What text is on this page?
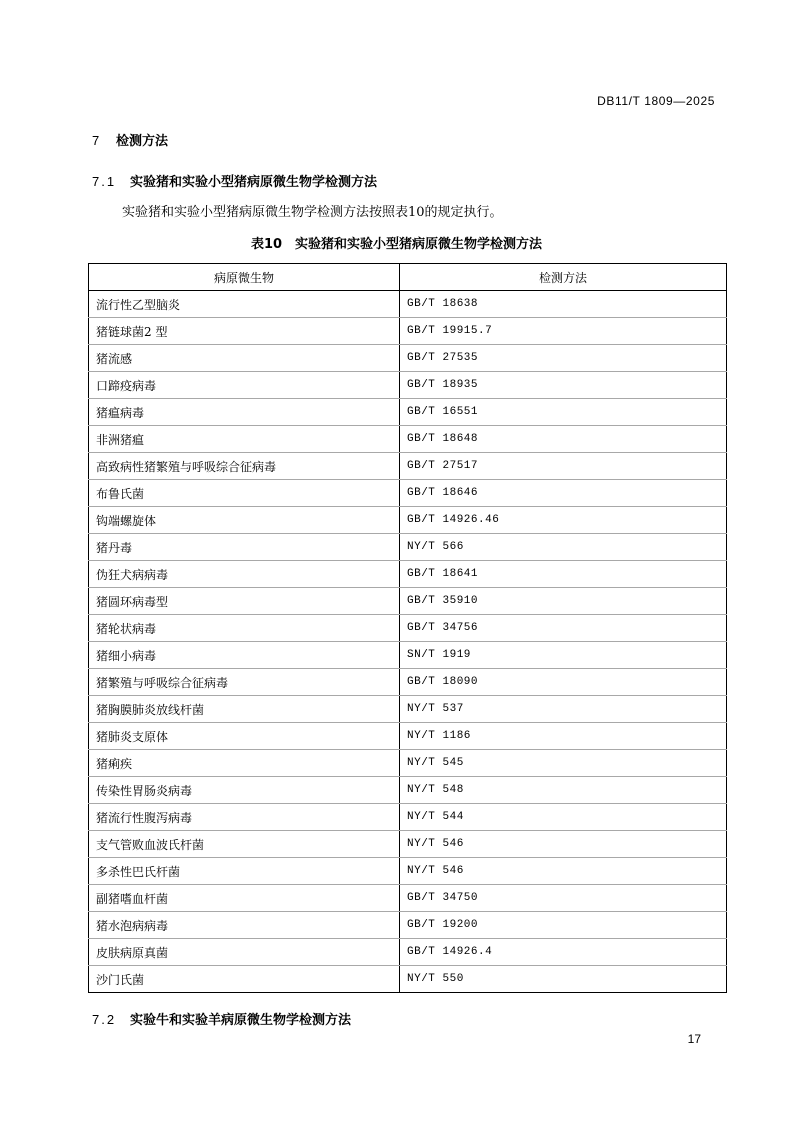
DB11/T 1809—2025
7 检测方法
7.1 实验猪和实验小型猪病原微生物学检测方法
实验猪和实验小型猪病原微生物学检测方法按照表10的规定执行。
表10　实验猪和实验小型猪病原微生物学检测方法
病原微生物	检测方法
流行性乙型脑炎	GB/T 18638
猪链球菌2 型	GB/T 19915.7
猪流感	GB/T 27535
口蹄疫病毒	GB/T 18935
猪瘟病毒	GB/T 16551
非洲猪瘟	GB/T 18648
高致病性猪繁殖与呼吸综合征病毒	GB/T 27517
布鲁氏菌	GB/T 18646
钩端螺旋体	GB/T 14926.46
猪丹毒	NY/T 566
伪狂犬病病毒	GB/T 18641
猪圆环病毒型	GB/T 35910
猪轮状病毒	GB/T 34756
猪细小病毒	SN/T 1919
猪繁殖与呼吸综合征病毒	GB/T 18090
猪胸膜肺炎放线杆菌	NY/T 537
猪肺炎支原体	NY/T 1186
猪痢疾	NY/T 545
传染性胃肠炎病毒	NY/T 548
猪流行性腹泻病毒	NY/T 544
支气管败血波氏杆菌	NY/T 546
多杀性巴氏杆菌	NY/T 546
副猪嗜血杆菌	GB/T 34750
猪水泡病病毒	GB/T 19200
皮肤病原真菌	GB/T 14926.4
沙门氏菌	NY/T 550
7.2 实验牛和实验羊病原微生物学检测方法
17
